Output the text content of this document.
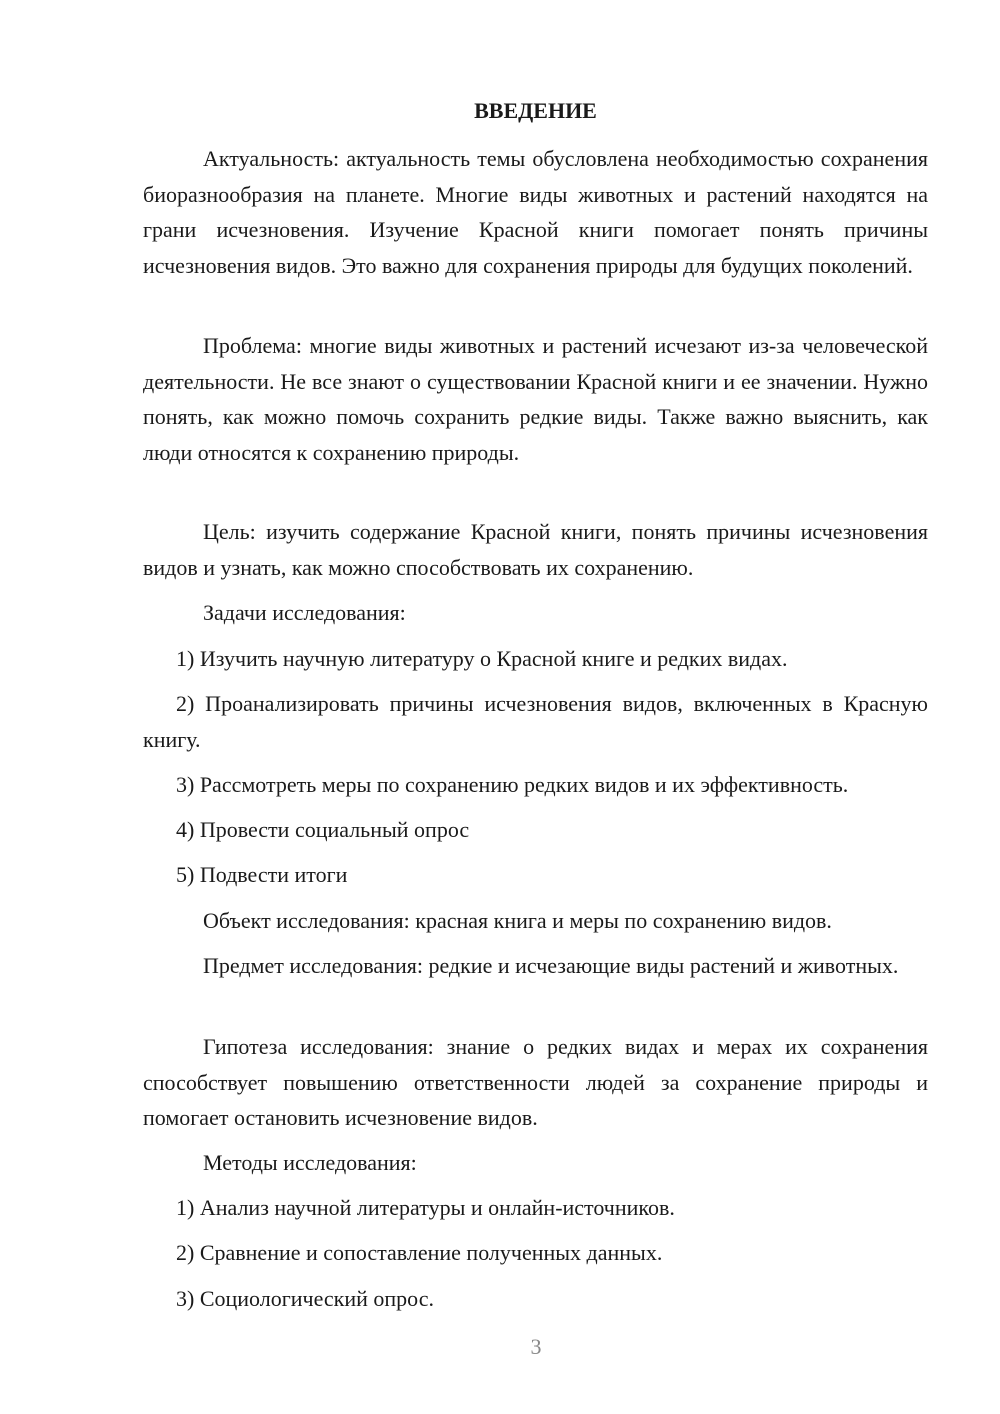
ВВЕДЕНИЕ

Актуальность: актуальность темы обусловлена необходимостью сохранения биоразнообразия на планете. Многие виды животных и растений находятся на грани исчезновения. Изучение Красной книги помогает понять причины исчезновения видов. Это важно для сохранения природы для будущих поколений.

Проблема: многие виды животных и растений исчезают из-за человеческой деятельности. Не все знают о существовании Красной книги и ее значении. Нужно понять, как можно помочь сохранить редкие виды. Также важно выяснить, как люди относятся к сохранению природы.

Цель: изучить содержание Красной книги, понять причины исчезновения видов и узнать, как можно способствовать их сохранению.

Задачи исследования:

1) Изучить научную литературу о Красной книге и редких видах.

2) Проанализировать причины исчезновения видов, включенных в Красную книгу.

3) Рассмотреть меры по сохранению редких видов и их эффективность.

4) Провести социальный опрос

5) Подвести итоги

Объект исследования: красная книга и меры по сохранению видов.

Предмет исследования: редкие и исчезающие виды растений и животных.

Гипотеза исследования: знание о редких видах и мерах их сохранения способствует повышению ответственности людей за сохранение природы и помогает остановить исчезновение видов.

Методы исследования:

1) Анализ научной литературы и онлайн-источников.

2) Сравнение и сопоставление полученных данных.

3) Социологический опрос.

3
